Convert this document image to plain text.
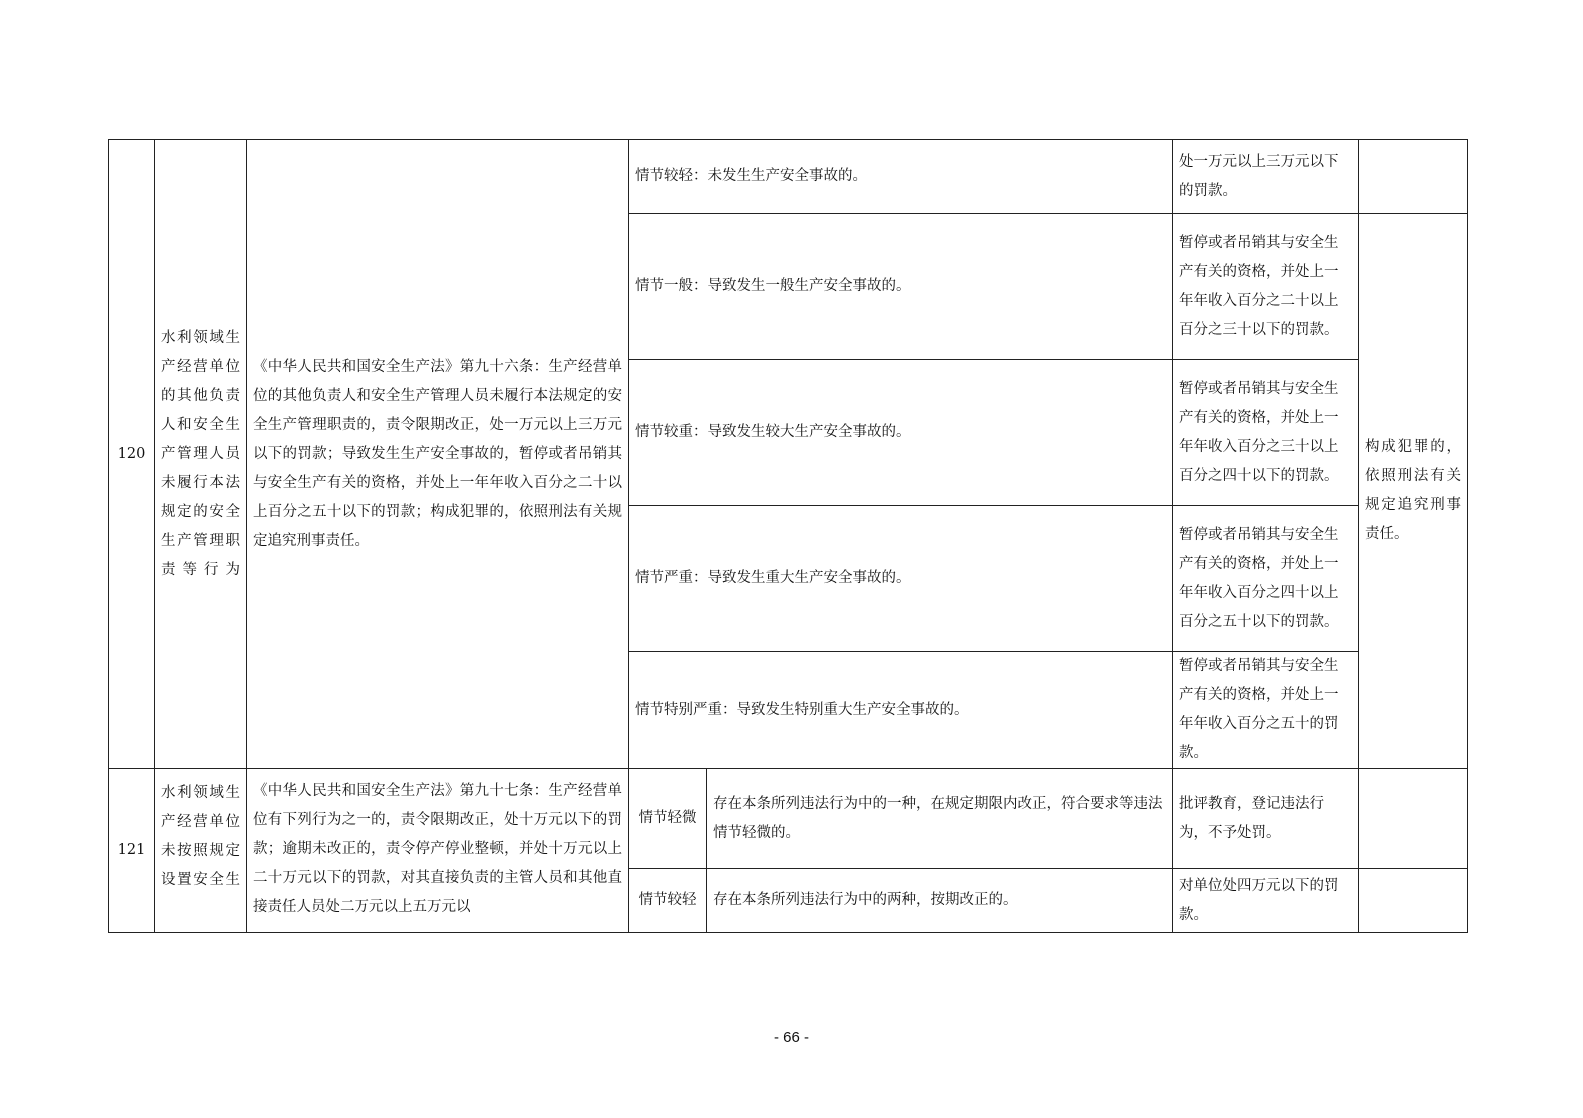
120	水利领域生产经营单位的其他负责人和安全生产管理人员未履行本法规定的安全生产管理职责等行为	《中华人民共和国安全生产法》第九十六条：生产经营单位的其他负责人和安全生产管理人员未履行本法规定的安全生产管理职责的，责令限期改正，处一万元以上三万元以下的罚款；导致发生生产安全事故的，暂停或者吊销其与安全生产有关的资格，并处上一年年收入百分之二十以上百分之五十以下的罚款；构成犯罪的，依照刑法有关规定追究刑事责任。	情节较轻：未发生生产安全事故的。		处一万元以上三万元以下的罚款。	
			情节一般：导致发生一般生产安全事故的。		暂停或者吊销其与安全生产有关的资格，并处上一年年收入百分之二十以上百分之三十以下的罚款。	构成犯罪的，依照刑法有关规定追究刑事责任。
			情节较重：导致发生较大生产安全事故的。		暂停或者吊销其与安全生产有关的资格，并处上一年年收入百分之三十以上百分之四十以下的罚款。	
			情节严重：导致发生重大生产安全事故的。		暂停或者吊销其与安全生产有关的资格，并处上一年年收入百分之四十以上百分之五十以下的罚款。	
			情节特别严重：导致发生特别重大生产安全事故的。		暂停或者吊销其与安全生产有关的资格，并处上一年年收入百分之五十的罚款。	
121	水利领域生产经营单位未按照规定设置安全生	《中华人民共和国安全生产法》第九十七条：生产经营单位有下列行为之一的，责令限期改正，处十万元以下的罚款；逾期未改正的，责令停产停业整顿，并处十万元以上二十万元以下的罚款，对其直接负责的主管人员和其他直接责任人员处二万元以上五万元以	情节轻微	存在本条所列违法行为中的一种，在规定期限内改正，符合要求等违法情节轻微的。	批评教育，登记违法行为，不予处罚。	
			情节较轻	存在本条所列违法行为中的两种，按期改正的。	对单位处四万元以下的罚款。	
- 66 -
